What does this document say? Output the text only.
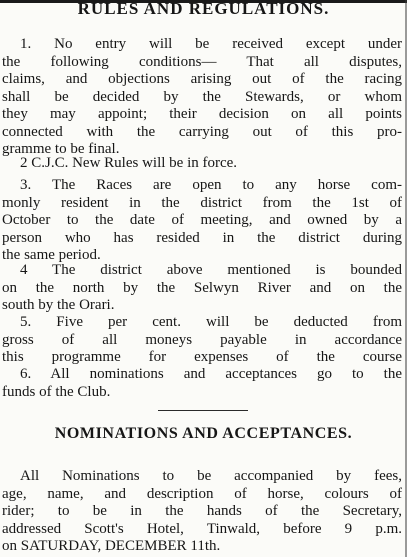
RULES AND REGULATIONS.
1. No entry will be received except under
the following conditions— That all disputes,
claims, and objections arising out of the racing
shall be decided by the Stewards, or whom
they may appoint; their decision on all points
connected with the carrying out of this pro-
gramme to be final.
2 C.J.C. New Rules will be in force.
3. The Races are open to any horse com-
monly resident in the district from the 1st of
October to the date of meeting, and owned by a
person who has resided in the district during
the same period.
4 The district above mentioned is bounded
on the north by the Selwyn River and on the
south by the Orari.
5. Five per cent. will be deducted from
gross of all moneys payable in accordance
this programme for expenses of the course
6. All nominations and acceptances go to the
funds of the Club.
NOMINATIONS AND ACCEPTANCES.
All Nominations to be accompanied by fees,
age, name, and description of horse, colours of
rider; to be in the hands of the Secretary,
addressed Scott's Hotel, Tinwald, before 9 p.m.
on SATURDAY, DECEMBER 11th.
